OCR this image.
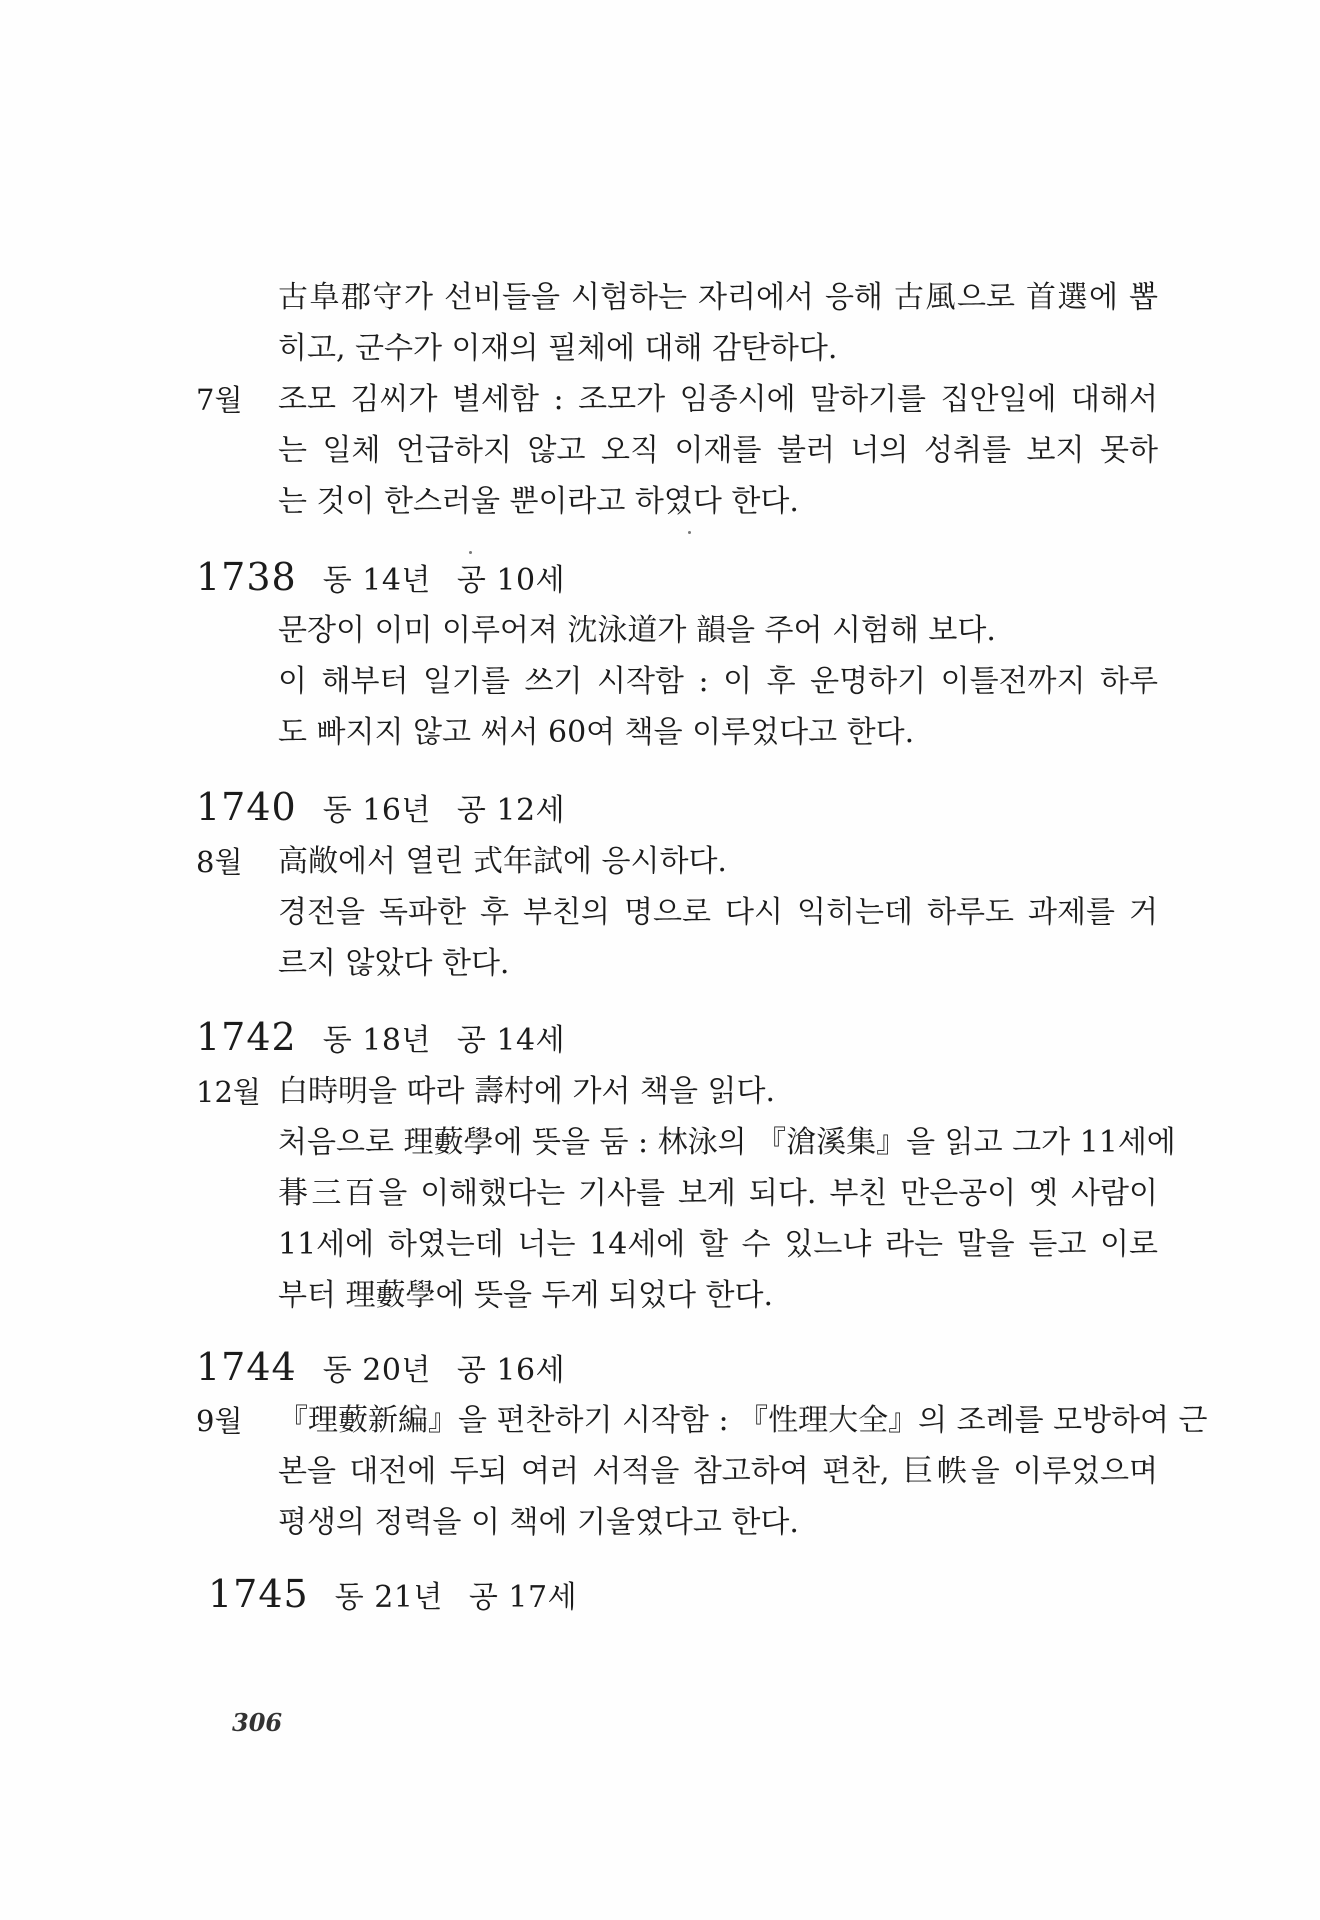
古阜郡守가 선비들을 시험하는 자리에서 응해 古風으로 首選에 뽑
히고, 군수가 이재의 필체에 대해 감탄하다.
7월 조모 김씨가 별세함 : 조모가 임종시에 말하기를 집안일에 대해서
는 일체 언급하지 않고 오직 이재를 불러 너의 성취를 보지 못하
는 것이 한스러울 뿐이라고 하였다 한다.
1738 동 14년 공 10세
문장이 이미 이루어져 沈泳道가 韻을 주어 시험해 보다.
이 해부터 일기를 쓰기 시작함 : 이 후 운명하기 이틀전까지 하루
도 빠지지 않고 써서 60여 책을 이루었다고 한다.
1740 동 16년 공 12세
8월 高敞에서 열린 式年試에 응시하다.
경전을 독파한 후 부친의 명으로 다시 익히는데 하루도 과제를 거
르지 않았다 한다.
1742 동 18년 공 14세
12월 白時明을 따라 壽村에 가서 책을 읽다.
처음으로 理藪學에 뜻을 둠 : 林泳의 『滄溪集』을 읽고 그가 11세에
朞三百을 이해했다는 기사를 보게 되다. 부친 만은공이 옛 사람이
11세에 하였는데 너는 14세에 할 수 있느냐 라는 말을 듣고 이로
부터 理藪學에 뜻을 두게 되었다 한다.
1744 동 20년 공 16세
9월 『理藪新編』을 편찬하기 시작함 : 『性理大全』의 조례를 모방하여 근
본을 대전에 두되 여러 서적을 참고하여 편찬, 巨帙을 이루었으며
평생의 정력을 이 책에 기울였다고 한다.
1745 동 21년 공 17세
306
